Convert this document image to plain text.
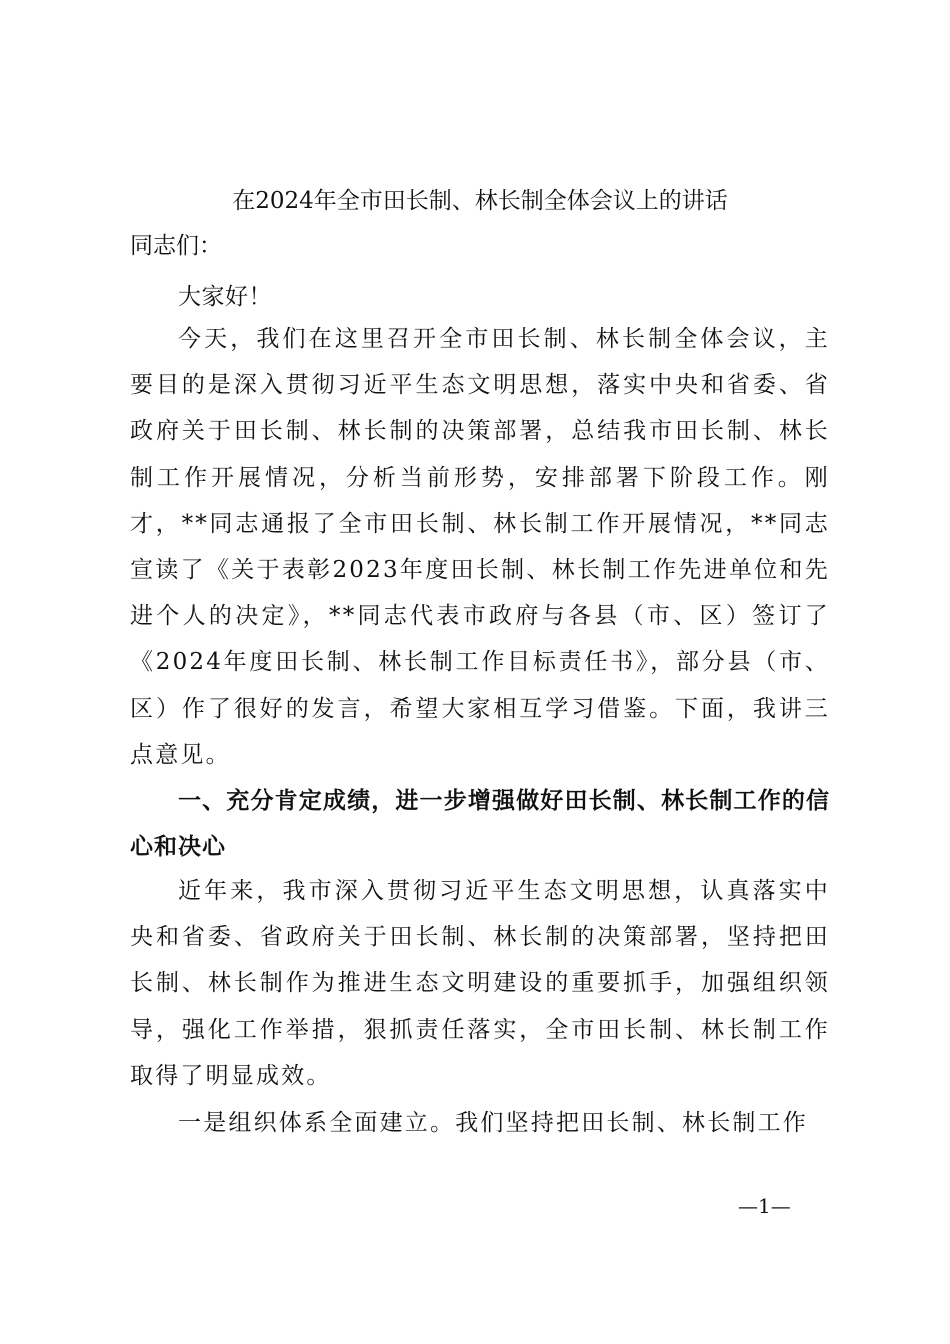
在2024年全市田长制、林长制全体会议上的讲话
同志们：

大家好！

今天，我们在这里召开全市田长制、林长制全体会议，主要目的是深入贯彻习近平生态文明思想，落实中央和省委、省政府关于田长制、林长制的决策部署，总结我市田长制、林长制工作开展情况，分析当前形势，安排部署下阶段工作。刚才，**同志通报了全市田长制、林长制工作开展情况，**同志宣读了《关于表彰2023年度田长制、林长制工作先进单位和先进个人的决定》，**同志代表市政府与各县（市、区）签订了《2024年度田长制、林长制工作目标责任书》，部分县（市、区）作了很好的发言，希望大家相互学习借鉴。下面，我讲三点意见。

一、充分肯定成绩，进一步增强做好田长制、林长制工作的信心和决心

近年来，我市深入贯彻习近平生态文明思想，认真落实中央和省委、省政府关于田长制、林长制的决策部署，坚持把田长制、林长制作为推进生态文明建设的重要抓手，加强组织领导，强化工作举措，狠抓责任落实，全市田长制、林长制工作取得了明显成效。

一是组织体系全面建立。我们坚持把田长制、林长制工作

—1—
